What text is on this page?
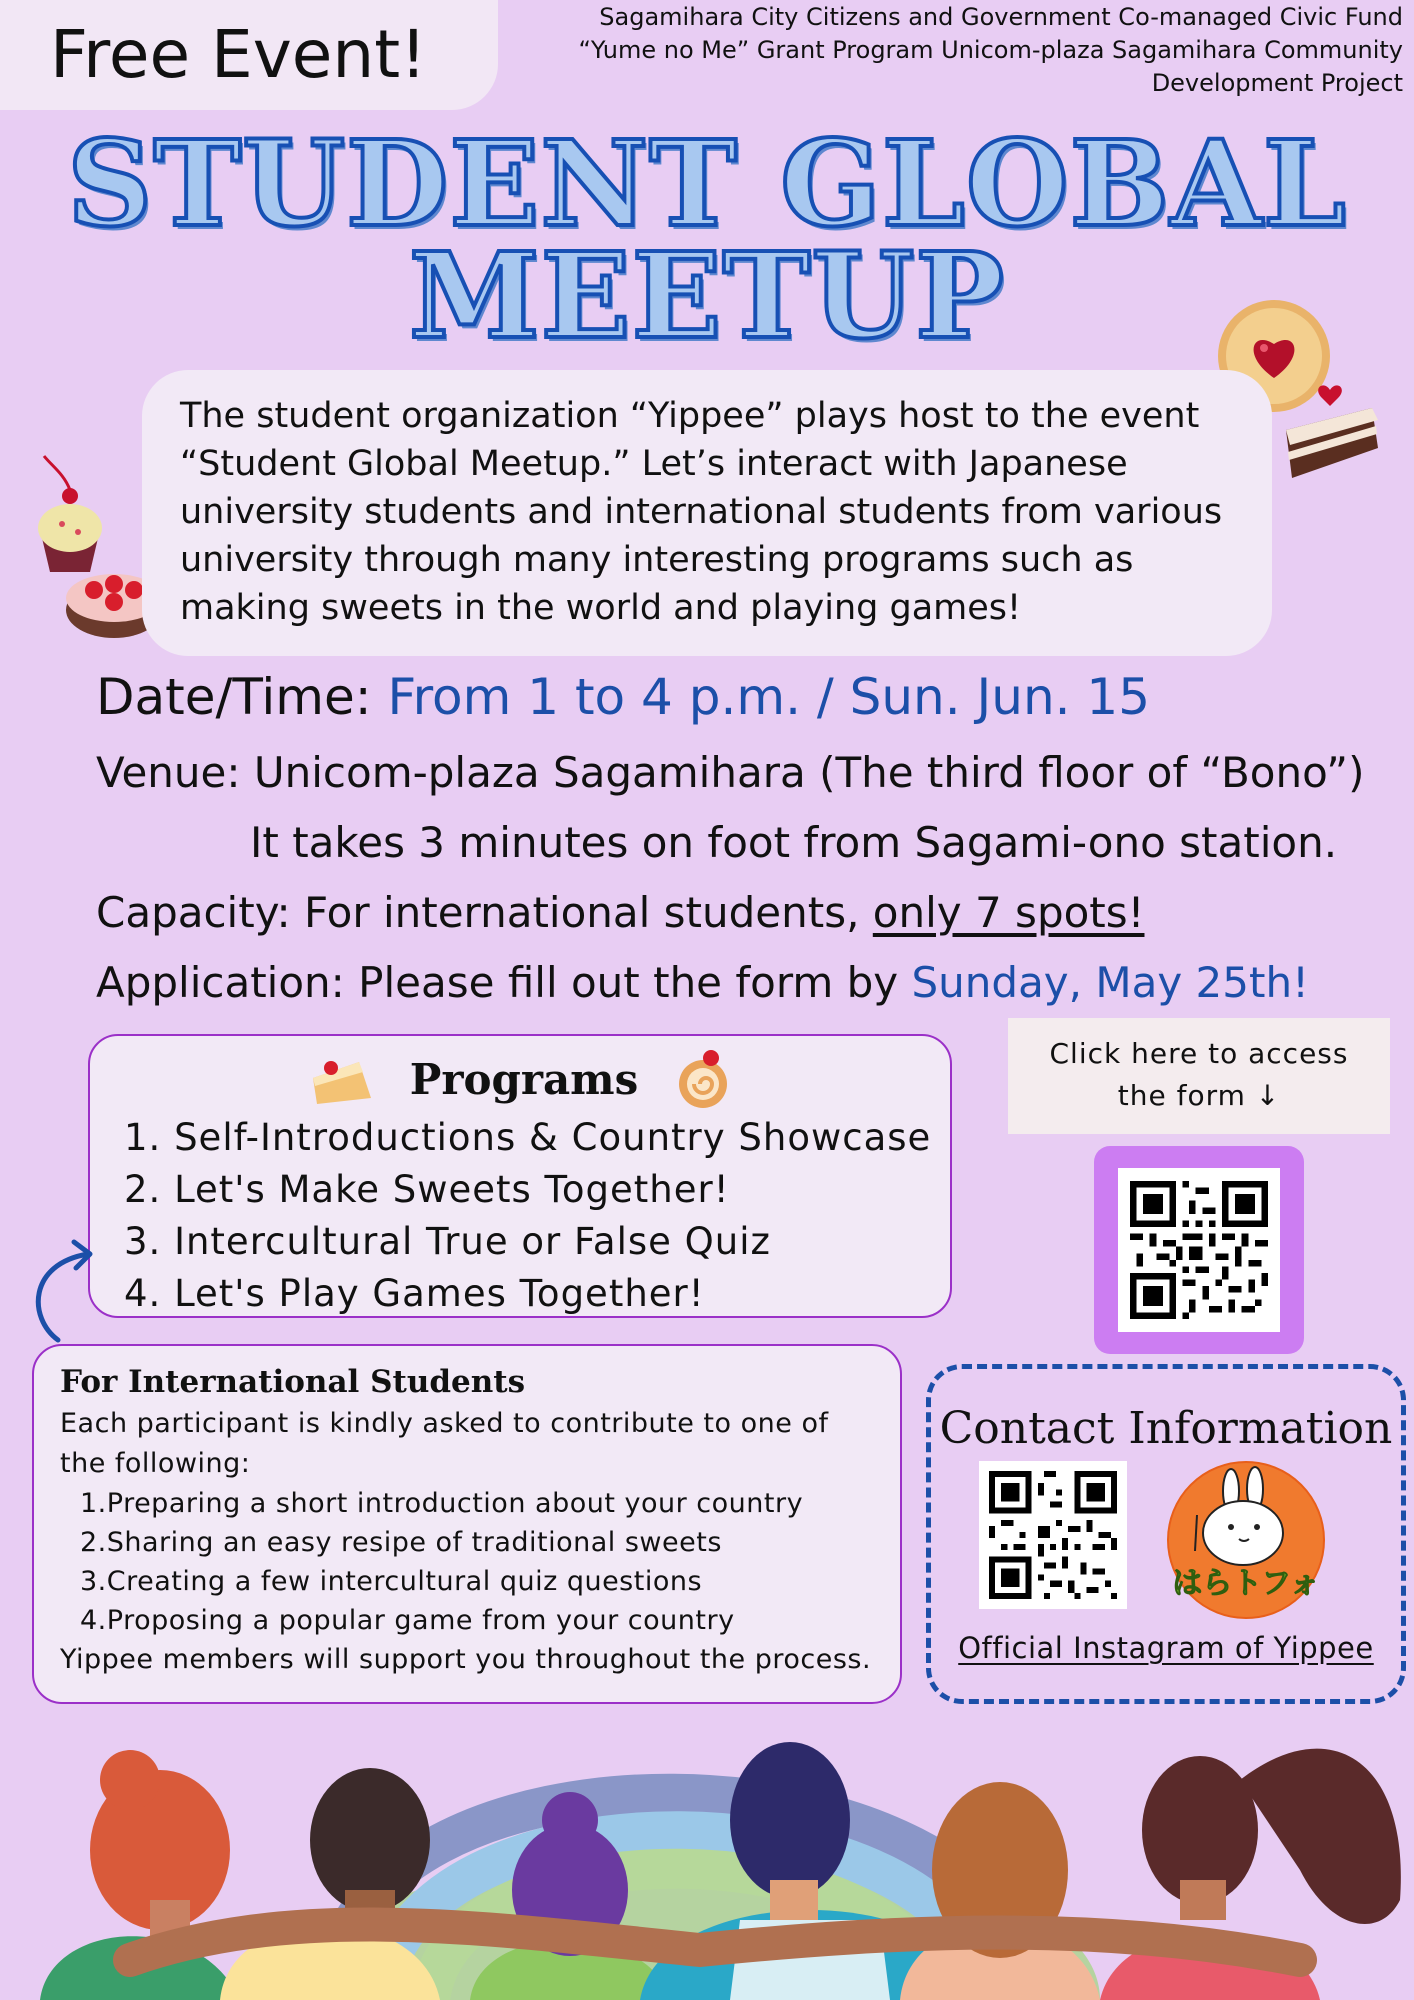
Free Event!	Sagamihara City Citizens and Government Co-managed Civic Fund
“Yume no Me” Grant Program Unicom-plaza Sagamihara Community
Development Project
STUDENT GLOBAL
MEETUP

The student organization “Yippee” plays host to the event “Student Global Meetup.” Let’s interact with Japanese university students and international students from various university through many interesting programs such as making sweets in the world and playing games!

Date/Time: From 1 to 4 p.m. / Sun. Jun. 15
Venue: Unicom-plaza Sagamihara (The third floor of “Bono”)
It takes 3 minutes on foot from Sagami-ono station.
Capacity: For international students, only 7 spots!
Application: Please fill out the form by Sunday, May 25th!
Programs
1. Self-Introductions & Country Showcase
2. Let's Make Sweets Together!
3. Intercultural True or False Quiz
4. Let's Play Games Together!
Click here to access
the form ↓
For International Students
Each participant is kindly asked to contribute to one of the following:
1.Preparing a short introduction about your country
2.Sharing an easy resipe of traditional sweets
3.Creating a few intercultural quiz questions
4.Proposing a popular game from your country
Yippee members will support you throughout the process.
Contact Information
はらトフォ
Official Instagram of Yippee
